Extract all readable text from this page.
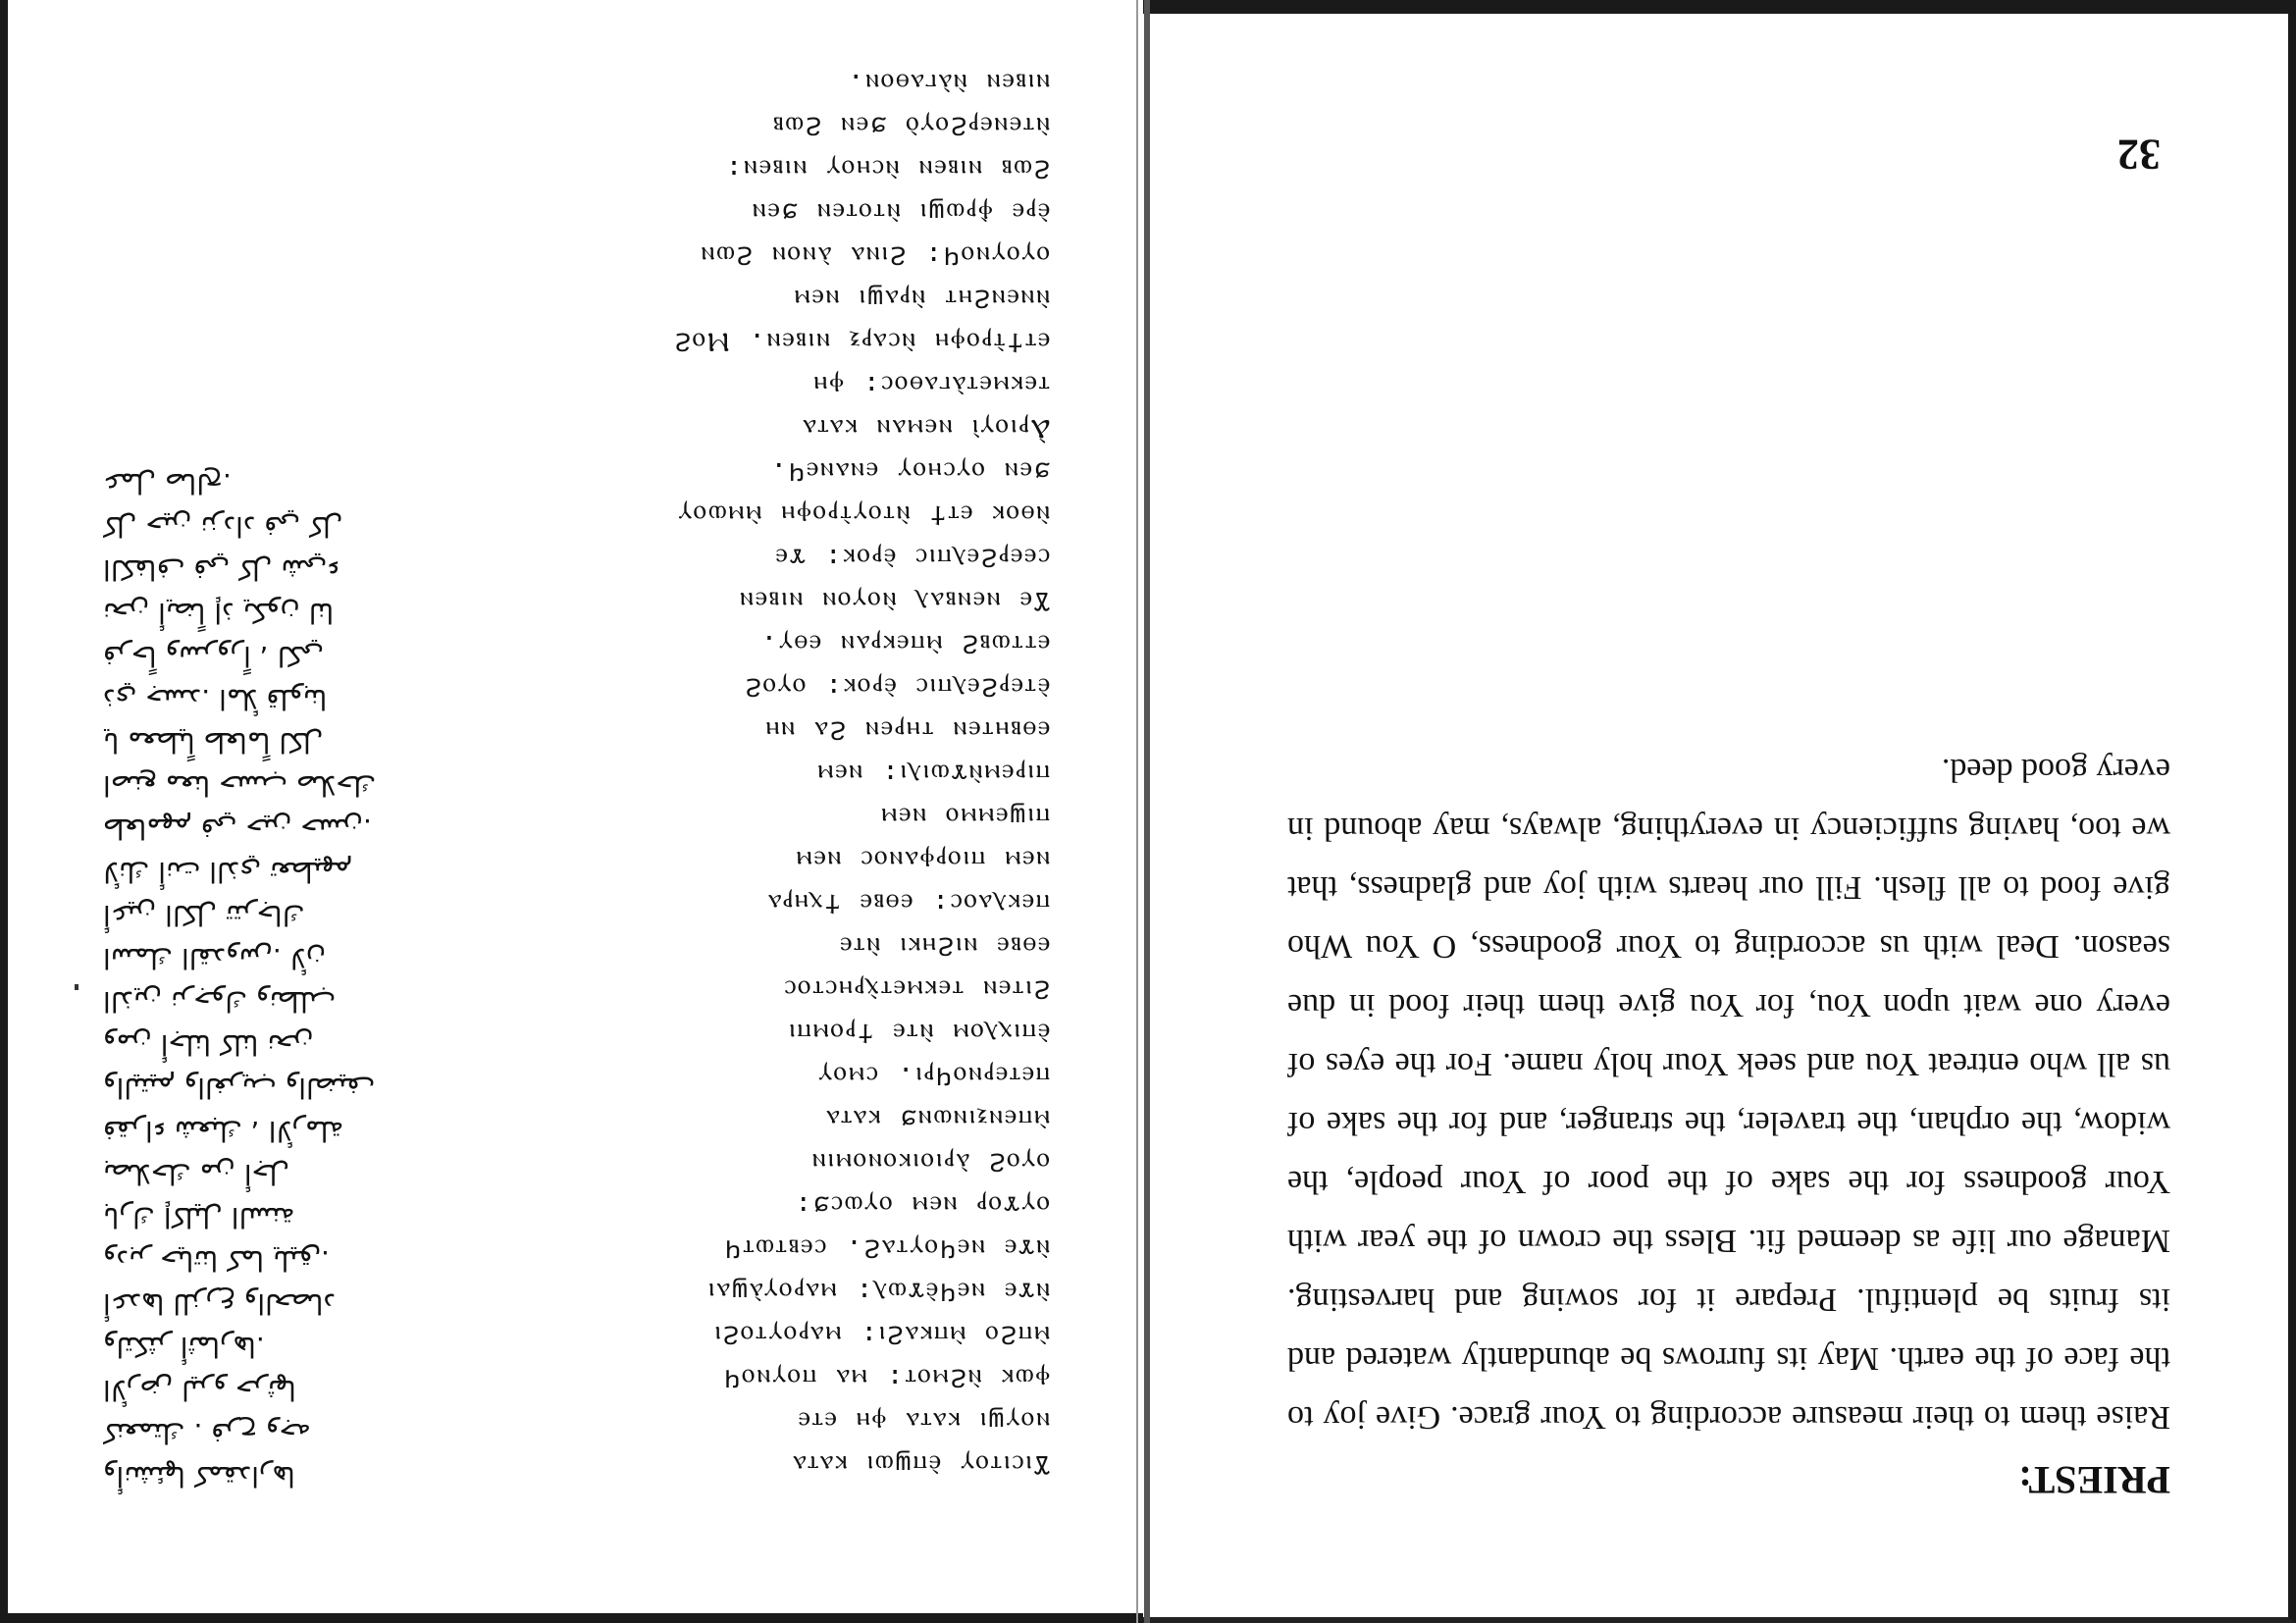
PRIEST:

Raise them to their measure according to Your grace. Give joy to the face of the earth. May its furrows be abundantly watered and its fruits be plentiful. Prepare it for sowing and harvesting. Manage our life as deemed fit. Bless the crown of the year with Your goodness for the sake of the poor of Your people, the widow, the orphan, the traveler, the stranger, and for the sake of us all who entreat You and seek Your holy name. For the eyes of every one wait upon You, for You give them their food in due season. Deal with us according to Your goodness, O You Who give food to all flesh. Fill our hearts with joy and gladness, that we too, having sufficiency in everything, always, may abound in every good deed.

32
Ϫⲓⲥⲓⲧⲟⲩ ⲉ̀ⲡϣⲱⲓ ⲕⲁⲧⲁ
ⲛⲟⲩϣⲓ ⲕⲁⲧⲁ ⲫⲏ ⲉⲧⲉ
ⲫⲱⲕ ⲛ̀ϩⲙⲟⲧ: ⲙⲁ ⲡⲟⲩⲛⲟϥ
ⲙ̀ⲡϩⲟ ⲙ̀ⲡⲕⲁϩⲓ: ⲙⲁⲣⲟⲩⲧⲟϩⲓ
ⲛ̀ϫⲉ ⲛⲉϥⲉ̀ϫⲱⲗ: ⲙⲁⲣⲟⲩⲁ̀ϣⲁⲓ
ⲛ̀ϫⲉ ⲛⲉϥⲟⲩⲧⲁϩ. ⲥⲉⲃⲧⲱⲧϥ
ⲟⲩϫⲟⲣ ⲛⲉⲙ ⲟⲩⲱⲥϧ:
ⲟⲩⲟϩ ⲁ̀ⲣⲓⲟⲓⲕⲟⲛⲟⲙⲓⲛ
ⲙ̀ⲡⲉⲛⲝⲓⲛⲱⲛϧ ⲕⲁⲧⲁ
ⲡⲉⲧⲉⲣⲛⲟϥⲣⲓ. ⲥⲙⲟⲩ
ⲉ̀ⲡⲓⲭⲗⲟⲙ ⲛ̀ⲧⲉ ϯⲣⲟⲙⲡⲓ
ϩⲓⲧⲉⲛ ⲧⲉⲕⲙⲉⲧⲭ̀ⲣⲏⲥⲧⲟⲥ
ⲉⲑⲃⲉ ⲛⲓϩⲏⲕⲓ ⲛ̀ⲧⲉ
ⲡⲉⲕⲗⲁⲟⲥ: ⲉⲑⲃⲉ ϯⲭⲏⲣⲁ
ⲛⲉⲙ ⲡⲓⲟⲣⲫⲁⲛⲟⲥ ⲛⲉⲙ
ⲡⲓϣⲉⲙⲙⲟ ⲛⲉⲙ
ⲡⲓⲣⲉⲙⲛ̀ϫⲱⲓⲗⲓ: ⲛⲉⲙ
ⲉⲑⲃⲏⲧⲉⲛ ⲧⲏⲣⲉⲛ ϩⲁ ⲛⲏ
ⲉ̀ⲧⲉⲣϩⲉⲗⲡⲓⲥ ⲉ̀ⲣⲟⲕ: ⲟⲩⲟϩ
ⲉⲧⲧⲱⲃϩ ⲙ̀ⲡⲉⲕⲣⲁⲛ ⲉⲑⲩ.
Ϫⲉ ⲛⲉⲛⲃⲁⲗ ⲛ̀ⲟⲩⲟⲛ ⲛⲓⲃⲉⲛ
ⲥⲉⲉⲣϩⲉⲗⲡⲓⲥ ⲉ̀ⲣⲟⲕ: ϫⲉ
ⲛ̀ⲑⲟⲕ ⲉⲧϯ ⲛ̀ⲧⲟⲩⲧ̀ⲣⲟⲫⲏ ⲙ̀ⲙⲱⲟⲩ
ϧⲉⲛ ⲟⲩⲥⲏⲟⲩ ⲉⲛⲁⲛⲉϥ.
Ⲁ̀ⲣⲓⲟⲩⲓ̀ ⲛⲉⲙⲁⲛ ⲕⲁⲧⲁ
ⲧⲉⲕⲙⲉⲧⲁ̀ⲅⲁⲑⲟⲥ: ⲫⲏ
ⲉⲧϯⲧ̀ⲣⲟⲫⲏ ⲛ̀ⲥⲁⲣⲝ ⲛⲓⲃⲉⲛ. Ⲙⲟϩ
ⲛ̀ⲛⲉⲛϩⲏⲧ ⲛ̀ⲣⲁϣⲓ ⲛⲉⲙ
ⲟⲩⲟⲩⲛⲟϥ: ϩⲓⲛⲁ ⲁ̀ⲛⲟⲛ ϩⲱⲛ
ⲉ̀ⲣⲉ ⲫ̀ⲣⲱϣⲓ ⲛ̀ⲧⲟⲧⲉⲛ ϧⲉⲛ
ϩⲱⲃ ⲛⲓⲃⲉⲛ ⲛ̀ⲥⲏⲟⲩ ⲛⲓⲃⲉⲛ:
ⲛ̀ⲧⲉⲛⲉⲣϩⲟⲩⲟ̀ ϧⲉⲛ ϩⲱⲃ
ⲛⲓⲃⲉⲛ ⲛ̀ⲁ̀ⲅⲁⲑⲟⲛ.
وأنشئها كمقدارها
كنعمتك . فرح وجه
الأرض ليرو حرثها
ولتكثر أثمارها.
أعدها للزرع والحصاد
ودبر حياتنا كما يليق.
بارك إكليل السنة
بصلاحك من أجل
فقراء شعبك ، الأرملة
واليتيم والغريب والضيف
ومن أجلنا كلنا نحن
الذين نرجوك ونطلب
اسمك القدوس. لأن
أعين الكل تترجاك
لأنك أنت الذي تعطيهم
طعامهم في حين حسن.
اصنع معنا حسب صلاحك
يا معطياً طعاماً لكل
ذي جسد. املأ قلوبنا
فرحاً وسروراً ، لكي
نحن أيضاً إذ يكون لنا
الكفاف في كل شيء
كل حين نزداد في كل
عمل صالح.
